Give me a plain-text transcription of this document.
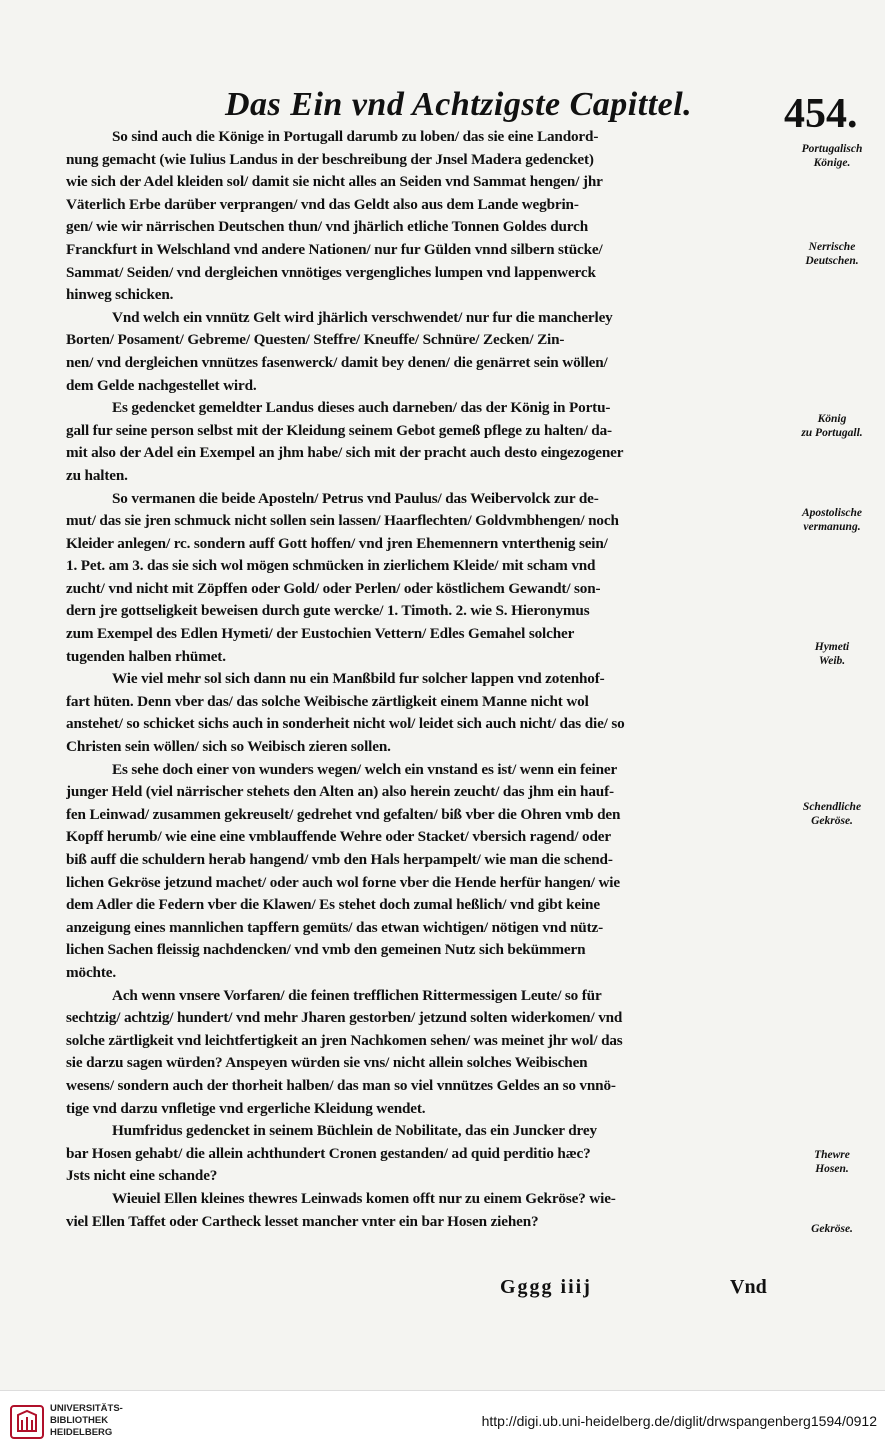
Das Ein vnd Achtzigste Capittel. 454.
So sind auch die Könige in Portugall darumb zu loben/ das sie eine Landord-
nung gemacht (wie Iulius Landus in der beschreibung der Jnsel Madera gedencket)
wie sich der Adel kleiden sol/ damit sie nicht alles an Seiden vnd Sammat hengen/ jhr
Väterlich Erbe darüber verprangen/ vnd das Geldt also aus dem Lande wegbrin-
gen/ wie wir närrischen Deutschen thun/ vnd jhärlich etliche Tonnen Goldes durch
Franckfurt in Welschland vnd andere Nationen/ nur fur Gülden vnnd silbern stücke/
Sammat/ Seiden/ vnd dergleichen vnnötiges vergengliches lumpen vnd lappenwerck
hinweg schicken.
Vnd welch ein vnnütz Gelt wird jhärlich verschwendet/ nur fur die mancherley
Borten/ Posament/ Gebreme/ Questen/ Steffre/ Kneuffe/ Schnüre/ Zecken/ Zin-
nen/ vnd dergleichen vnnützes fasenwerck/ damit bey denen/ die genärret sein wöllen/
dem Gelde nachgestellet wird.
Es gedencket gemeldter Landus dieses auch darneben/ das der König in Portu-
gall fur seine person selbst mit der Kleidung seinem Gebot gemeß pflege zu halten/ da-
mit also der Adel ein Exempel an jhm habe/ sich mit der pracht auch desto eingezogener
zu halten.
So vermanen die beide Aposteln/ Petrus vnd Paulus/ das Weibervolck zur de-
mut/ das sie jren schmuck nicht sollen sein lassen/ Haarflechten/ Goldvmbhengen/ noch
Kleider anlegen/ rc. sondern auff Gott hoffen/ vnd jren Ehemennern vnterthenig sein/
1. Pet. am 3. das sie sich wol mögen schmücken in zierlichem Kleide/ mit scham vnd
zucht/ vnd nicht mit Zöpffen oder Gold/ oder Perlen/ oder köstlichem Gewandt/ son-
dern jre gottseligkeit beweisen durch gute wercke/ 1. Timoth. 2. wie S. Hieronymus
zum Exempel des Edlen Hymeti/ der Eustochien Vettern/ Edles Gemahel solcher
tugenden halben rhümet.
Wie viel mehr sol sich dann nu ein Manßbild fur solcher lappen vnd zotenhof-
fart hüten. Denn vber das/ das solche Weibische zärtligkeit einem Manne nicht wol
anstehet/ so schicket sichs auch in sonderheit nicht wol/ leidet sich auch nicht/ das die/ so
Christen sein wöllen/ sich so Weibisch zieren sollen.
Es sehe doch einer von wunders wegen/ welch ein vnstand es ist/ wenn ein feiner
junger Held (viel närrischer stehets den Alten an) also herein zeucht/ das jhm ein hauf-
fen Leinwad/ zusammen gekreuselt/ gedrehet vnd gefalten/ biß vber die Ohren vmb den
Kopff herumb/ wie eine eine vmblauffende Wehre oder Stacket/ vbersich ragend/ oder
biß auff die schuldern herab hangend/ vmb den Hals herpampelt/ wie man die schend-
lichen Gekröse jetzund machet/ oder auch wol forne vber die Hende herfür hangen/ wie
dem Adler die Federn vber die Klawen/ Es stehet doch zumal heßlich/ vnd gibt keine
anzeigung eines mannlichen tapffern gemüts/ das etwan wichtigen/ nötigen vnd nütz-
lichen Sachen fleissig nachdencken/ vnd vmb den gemeinen Nutz sich bekümmern
möchte.
Ach wenn vnsere Vorfaren/ die feinen trefflichen Rittermessigen Leute/ so für
sechtzig/ achtzig/ hundert/ vnd mehr Jharen gestorben/ jetzund solten widerkomen/ vnd
solche zärtligkeit vnd leichtfertigkeit an jren Nachkomen sehen/ was meinet jhr wol/ das
sie darzu sagen würden? Anspeyen würden sie vns/ nicht allein solches Weibischen
wesens/ sondern auch der thorheit halben/ das man so viel vnnützes Geldes an so vnnö-
tige vnd darzu vnfletige vnd ergerliche Kleidung wendet.
Humfridus gedencket in seinem Büchlein de Nobilitate, das ein Juncker drey
bar Hosen gehabt/ die allein achthundert Cronen gestanden/ ad quid perditio hæc?
Jsts nicht eine schande?
Wieuiel Ellen kleines thewres Leinwads komen offt nur zu einem Gekröse? wie-
viel Ellen Taffet oder Cartheck lesset mancher vnter ein bar Hosen ziehen?
Portugalisch
Könige.
Nerrische
Deutschen.
König
zu Portugall.
Apostolische
vermanung.
Hymeti
Weib.
Schendliche
Gekröse.
Thewre
Hosen.
Gekröse.
Gggg iiij	Vnd
UNIVERSITÄTS-
BIBLIOTHEK
HEIDELBERG
http://digi.ub.uni-heidelberg.de/diglit/drwspangenberg1594/0912
